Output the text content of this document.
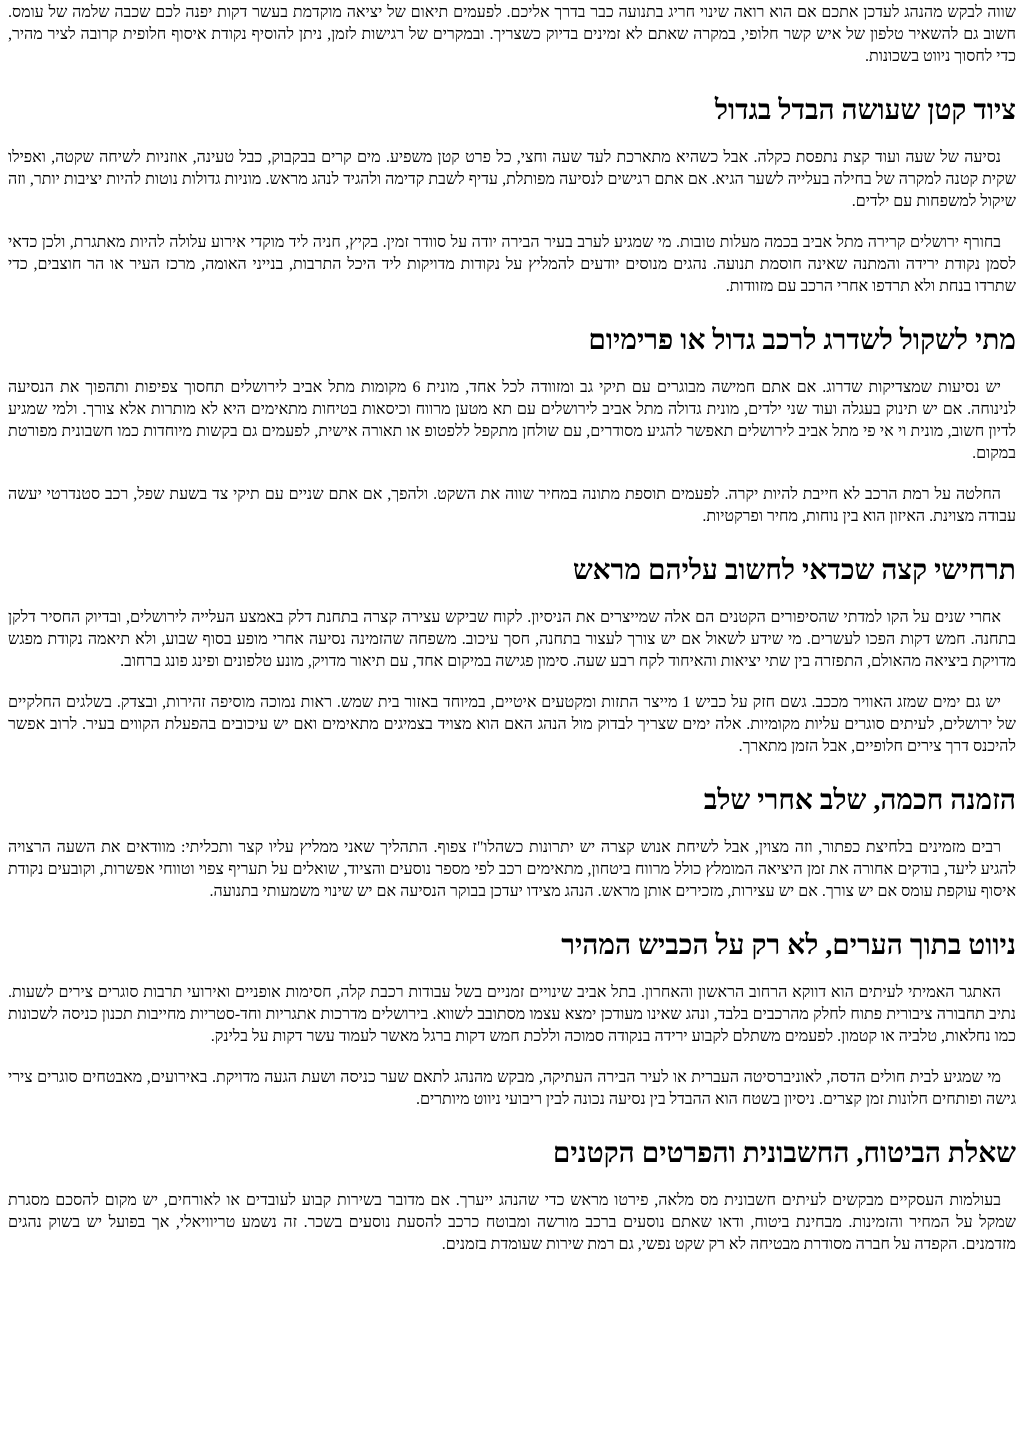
שווה לבקש מהנהג לעדכן אתכם אם הוא רואה שינוי חריג בתנועה כבר בדרך אליכם. לפעמים תיאום של יציאה מוקדמת בעשר דקות יפנה לכם שכבה שלמה של עומס. חשוב גם להשאיר טלפון של איש קשר חלופי, במקרה שאתם לא זמינים בדיוק כשצריך. ובמקרים של רגישות לזמן, ניתן להוסיף נקודת איסוף חלופית קרובה לציר מהיר, כדי לחסוך ניווט בשכונות.

ציוד קטן שעושה הבדל בגדול

נסיעה של שעה ועוד קצת נתפסת כקלה. אבל כשהיא מתארכת לעד שעה וחצי, כל פרט קטן משפיע. מים קרים בבקבוק, כבל טעינה, אוזניות לשיחה שקטה, ואפילו שקית קטנה למקרה של בחילה בעלייה לשער הגיא. אם אתם רגישים לנסיעה מפותלת, עדיף לשבת קדימה ולהגיד לנהג מראש. מוניות גדולות נוטות להיות יציבות יותר, וזה שיקול למשפחות עם ילדים.

בחורף ירושלים קרירה מתל אביב בכמה מעלות טובות. מי שמגיע לערב בעיר הבירה יודה על סוודר זמין. בקיץ, חניה ליד מוקדי אירוע עלולה להיות מאתגרת, ולכן כדאי לסמן נקודת ירידה והמתנה שאינה חוסמת תנועה. נהגים מנוסים יודעים להמליץ על נקודות מדויקות ליד היכל התרבות, בנייני האומה, מרכז העיר או הר חוצבים, כדי שתרדו בנחת ולא תרדפו אחרי הרכב עם מזוודות.

מתי לשקול לשדרג לרכב גדול או פרימיום

יש נסיעות שמצדיקות שדרוג. אם אתם חמישה מבוגרים עם תיקי גב ומזוודה לכל אחד, מונית 6 מקומות מתל אביב לירושלים תחסוך צפיפות ותהפוך את הנסיעה לנינוחה. אם יש תינוק בעגלה ועוד שני ילדים, מונית גדולה מתל אביב לירושלים עם תא מטען מרווח וכיסאות בטיחות מתאימים היא לא מותרות אלא צורך. ולמי שמגיע לדיון חשוב, מונית וי אי פי מתל אביב לירושלים תאפשר להגיע מסודרים, עם שולחן מתקפל ללפטופ או תאורה אישית, לפעמים גם בקשות מיוחדות כמו חשבונית מפורטת במקום.

החלטה על רמת הרכב לא חייבת להיות יקרה. לפעמים תוספת מתונה במחיר שווה את השקט. ולהפך, אם אתם שניים עם תיקי צד בשעת שפל, רכב סטנדרטי יעשה עבודה מצוינת. האיזון הוא בין נוחות, מחיר ופרקטיות.

תרחישי קצה שכדאי לחשוב עליהם מראש

אחרי שנים על הקו למדתי שהסיפורים הקטנים הם אלה שמייצרים את הניסיון. לקוח שביקש עצירה קצרה בתחנת דלק באמצע העלייה לירושלים, ובדיוק החסיר דלקן בתחנה. חמש דקות הפכו לעשרים. מי שידע לשאול אם יש צורך לעצור בתחנה, חסך עיכוב. משפחה שהזמינה נסיעה אחרי מופע בסוף שבוע, ולא תיאמה נקודת מפגש מדויקת ביציאה מהאולם, התפזרה בין שתי יציאות והאיחוד לקח רבע שעה. סימון פגישה במיקום אחד, עם תיאור מדויק, מונע טלפונים ופינג פונג ברחוב.

יש גם ימים שמזג האוויר מככב. גשם חזק על כביש 1 מייצר התזות ומקטעים איטיים, במיוחד באזור בית שמש. ראות נמוכה מוסיפה זהירות, ובצדק. בשלגים החלקיים של ירושלים, לעיתים סוגרים עליות מקומיות. אלה ימים שצריך לבדוק מול הנהג האם הוא מצויד בצמיגים מתאימים ואם יש עיכובים בהפעלת הקווים בעיר. לרוב אפשר להיכנס דרך צירים חלופיים, אבל הזמן מתארך.

הזמנה חכמה, שלב אחרי שלב

רבים מזמינים בלחיצת כפתור, וזה מצוין, אבל לשיחת אנוש קצרה יש יתרונות כשהלו"ז צפוף. התהליך שאני ממליץ עליו קצר ותכליתי: מוודאים את השעה הרצויה להגיע ליעד, בודקים אחורה את זמן היציאה המומלץ כולל מרווח ביטחון, מתאימים רכב לפי מספר נוסעים והציוד, שואלים על תעריף צפוי וטווחי אפשרות, וקובעים נקודת איסוף עוקפת עומס אם יש צורך. אם יש עצירות, מזכירים אותן מראש. הנהג מצידו יעדכן בבוקר הנסיעה אם יש שינוי משמעותי בתנועה.

ניווט בתוך הערים, לא רק על הכביש המהיר

האתגר האמיתי לעיתים הוא דווקא הרחוב הראשון והאחרון. בתל אביב שינויים זמניים בשל עבודות רכבת קלה, חסימות אופניים ואירועי תרבות סוגרים צירים לשעות. נתיב תחבורה ציבורית פתוח לחלק מהרכבים בלבד, ונהג שאינו מעודכן ימצא עצמו מסתובב לשווא. בירושלים מדרכות אתגריות וחד-סטריות מחייבות תכנון כניסה לשכונות כמו נחלאות, טלביה או קטמון. לפעמים משתלם לקבוע ירידה בנקודה סמוכה וללכת חמש דקות ברגל מאשר לעמוד עשר דקות על בלינק.

מי שמגיע לבית חולים הדסה, לאוניברסיטה העברית או לעיר הבירה העתיקה, מבקש מהנהג לתאם שער כניסה ושעת הגעה מדויקת. באירועים, מאבטחים סוגרים צירי גישה ופותחים חלונות זמן קצרים. ניסיון בשטח הוא ההבדל בין נסיעה נכונה לבין ריבועי ניווט מיותרים.

שאלת הביטוח, החשבונית והפרטים הקטנים

בעולמות העסקיים מבקשים לעיתים חשבונית מס מלאה, פירטו מראש כדי שהנהג ייערך. אם מדובר בשירות קבוע לעובדים או לאורחים, יש מקום להסכם מסגרת שמקל על המחיר והזמינות. מבחינת ביטוח, ודאו שאתם נוסעים ברכב מורשה ומבוטח כרכב להסעת נוסעים בשכר. זה נשמע טריוויאלי, אך בפועל יש בשוק נהגים מזדמנים. הקפדה על חברה מסודרת מבטיחה לא רק שקט נפשי, גם רמת שירות שעומדת בזמנים.
